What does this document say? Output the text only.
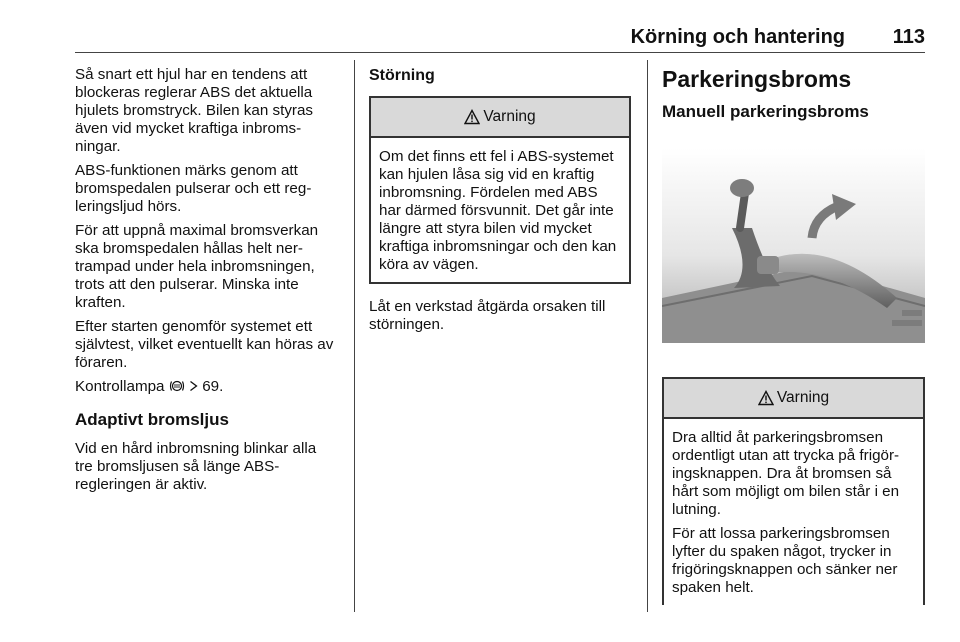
Körning och hantering 113

Så snart ett hjul har en tendens att blockeras reglerar ABS det aktuella hjulets bromstryck. Bilen kan styras även vid mycket kraftiga inbromsningar.

ABS-funktionen märks genom att bromspedalen pulserar och ett regleringsljud hörs.

För att uppnå maximal bromsverkan ska bromspedalen hållas helt nertrampad under hela inbromsningen, trots att den pulserar. Minska inte kraften.

Efter starten genomför systemet ett självtest, vilket eventuellt kan höras av föraren.

Kontrollampa 69.

Adaptivt bromsljus

Vid en hård inbromsning blinkar alla tre bromsljusen så länge ABS-regleringen är aktiv.

Störning
Varning

Om det finns ett fel i ABS-systemet kan hjulen låsa sig vid en kraftig inbromsning. Fördelen med ABS har därmed försvunnit. Det går inte längre att styra bilen vid mycket kraftiga inbromsningar och den kan köra av vägen.

Låt en verkstad åtgärda orsaken till störningen.

Parkeringsbroms
Manuell parkeringsbroms
Varning

Dra alltid åt parkeringsbromsen ordentligt utan att trycka på frigöringsknappen. Dra åt bromsen så hårt som möjligt om bilen står i en lutning.

För att lossa parkeringsbromsen lyfter du spaken något, trycker in frigöringsknappen och sänker ner spaken helt.
